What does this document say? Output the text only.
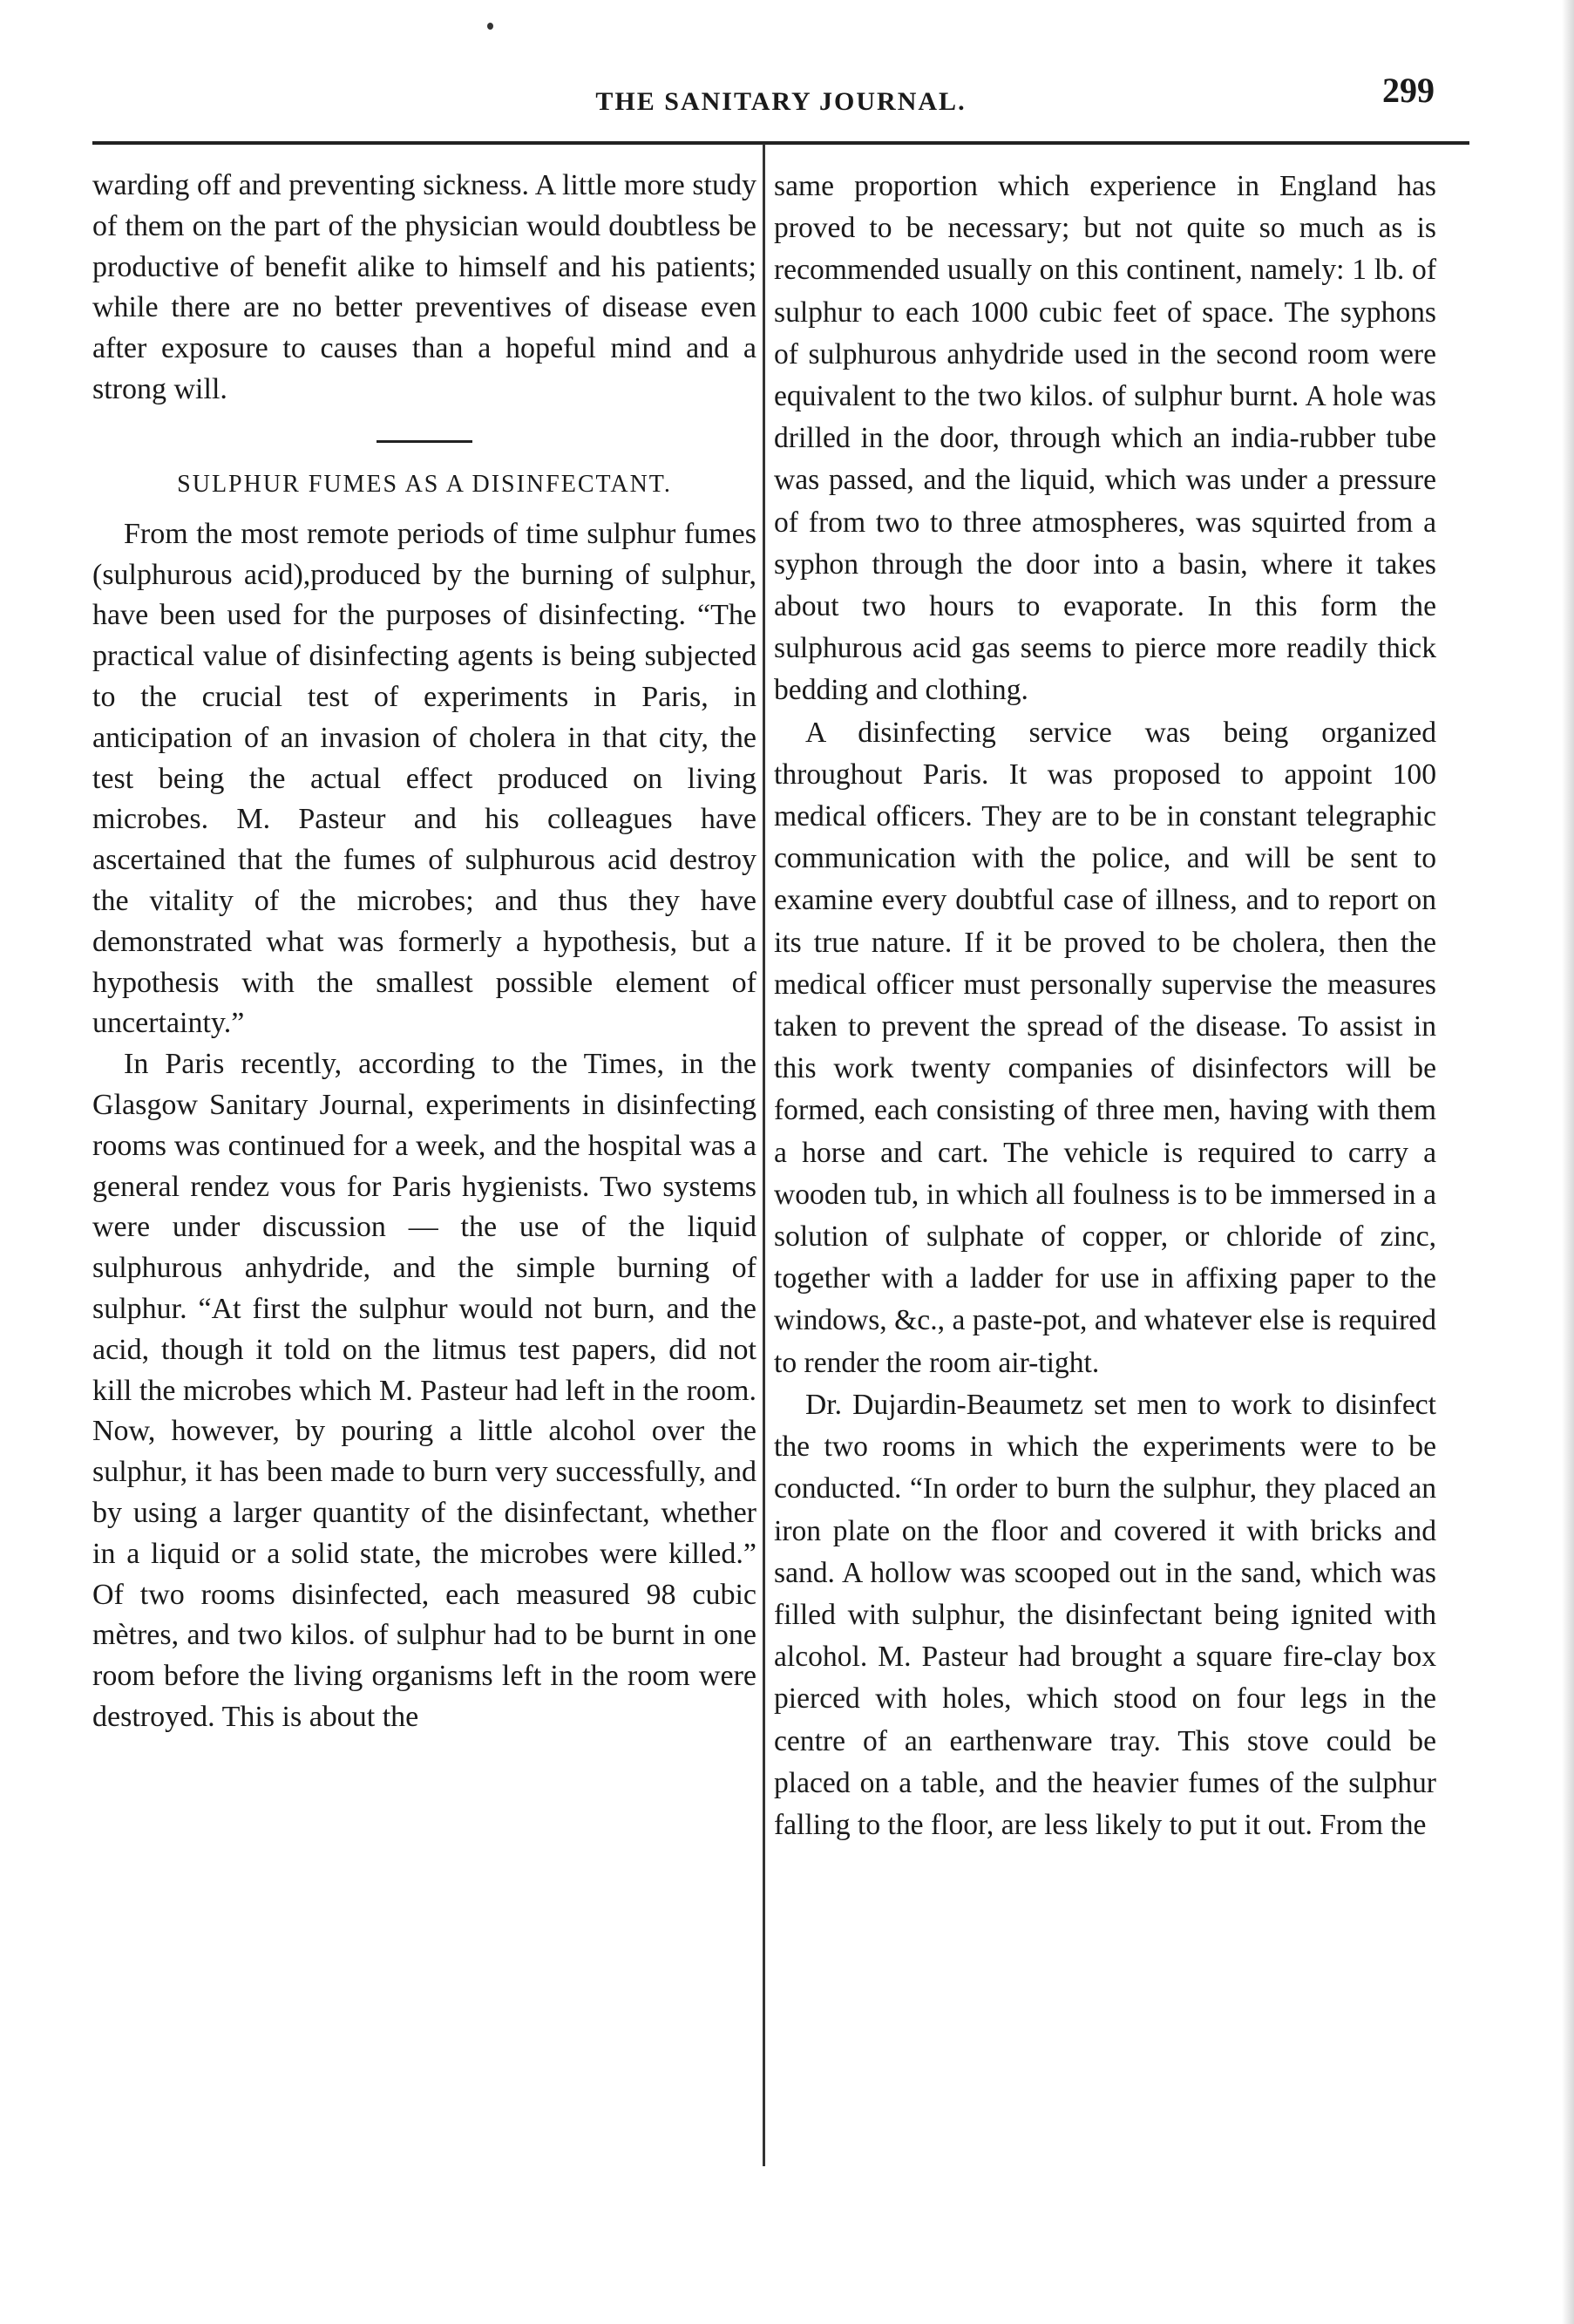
THE SANITARY JOURNAL.	299

warding off and preventing sickness. A little more study of them on the part of the physician would doubtless be productive of benefit alike to himself and his patients; while there are no better preventives of disease even after exposure to causes than a hopeful mind and a strong will.

SULPHUR FUMES AS A DISINFECTANT.

From the most remote periods of time sulphur fumes (sulphurous acid),produced by the burning of sulphur, have been used for the purposes of disinfecting. “The practical value of disinfecting agents is being subjected to the crucial test of experiments in Paris, in anticipation of an invasion of cholera in that city, the test being the actual effect produced on living microbes. M. Pasteur and his colleagues have ascertained that the fumes of sulphurous acid destroy the vitality of the microbes; and thus they have demonstrated what was formerly a hypothesis, but a hypothesis with the smallest possible element of uncertainty.”

In Paris recently, according to the Times, in the Glasgow Sanitary Journal, experiments in disinfecting rooms was continued for a week, and the hospital was a general rendez vous for Paris hygienists. Two systems were under discussion — the use of the liquid sulphurous anhydride, and the simple burning of sulphur. “At first the sulphur would not burn, and the acid, though it told on the litmus test papers, did not kill the microbes which M. Pasteur had left in the room. Now, however, by pouring a little alcohol over the sulphur, it has been made to burn very successfully, and by using a larger quantity of the disinfectant, whether in a liquid or a solid state, the microbes were killed.” Of two rooms disinfected, each measured 98 cubic mètres, and two kilos. of sulphur had to be burnt in one room before the living organisms left in the room were destroyed. This is about the

same proportion which experience in England has proved to be necessary; but not quite so much as is recommended usually on this continent, namely: 1 lb. of sulphur to each 1000 cubic feet of space. The syphons of sulphurous anhydride used in the second room were equivalent to the two kilos. of sulphur burnt. A hole was drilled in the door, through which an india-rubber tube was passed, and the liquid, which was under a pressure of from two to three atmospheres, was squirted from a syphon through the door into a basin, where it takes about two hours to evaporate. In this form the sulphurous acid gas seems to pierce more readily thick bedding and clothing.

A disinfecting service was being organized throughout Paris. It was proposed to appoint 100 medical officers. They are to be in constant telegraphic communication with the police, and will be sent to examine every doubtful case of illness, and to report on its true nature. If it be proved to be cholera, then the medical officer must personally supervise the measures taken to prevent the spread of the disease. To assist in this work twenty companies of disinfectors will be formed, each consisting of three men, having with them a horse and cart. The vehicle is required to carry a wooden tub, in which all foulness is to be immersed in a solution of sulphate of copper, or chloride of zinc, together with a ladder for use in affixing paper to the windows, &c., a paste-pot, and whatever else is required to render the room air-tight.

Dr. Dujardin-Beaumetz set men to work to disinfect the two rooms in which the experiments were to be conducted. “In order to burn the sulphur, they placed an iron plate on the floor and covered it with bricks and sand. A hollow was scooped out in the sand, which was filled with sulphur, the disinfectant being ignited with alcohol. M. Pasteur had brought a square fire-clay box pierced with holes, which stood on four legs in the centre of an earthenware tray. This stove could be placed on a table, and the heavier fumes of the sulphur falling to the floor, are less likely to put it out. From the
